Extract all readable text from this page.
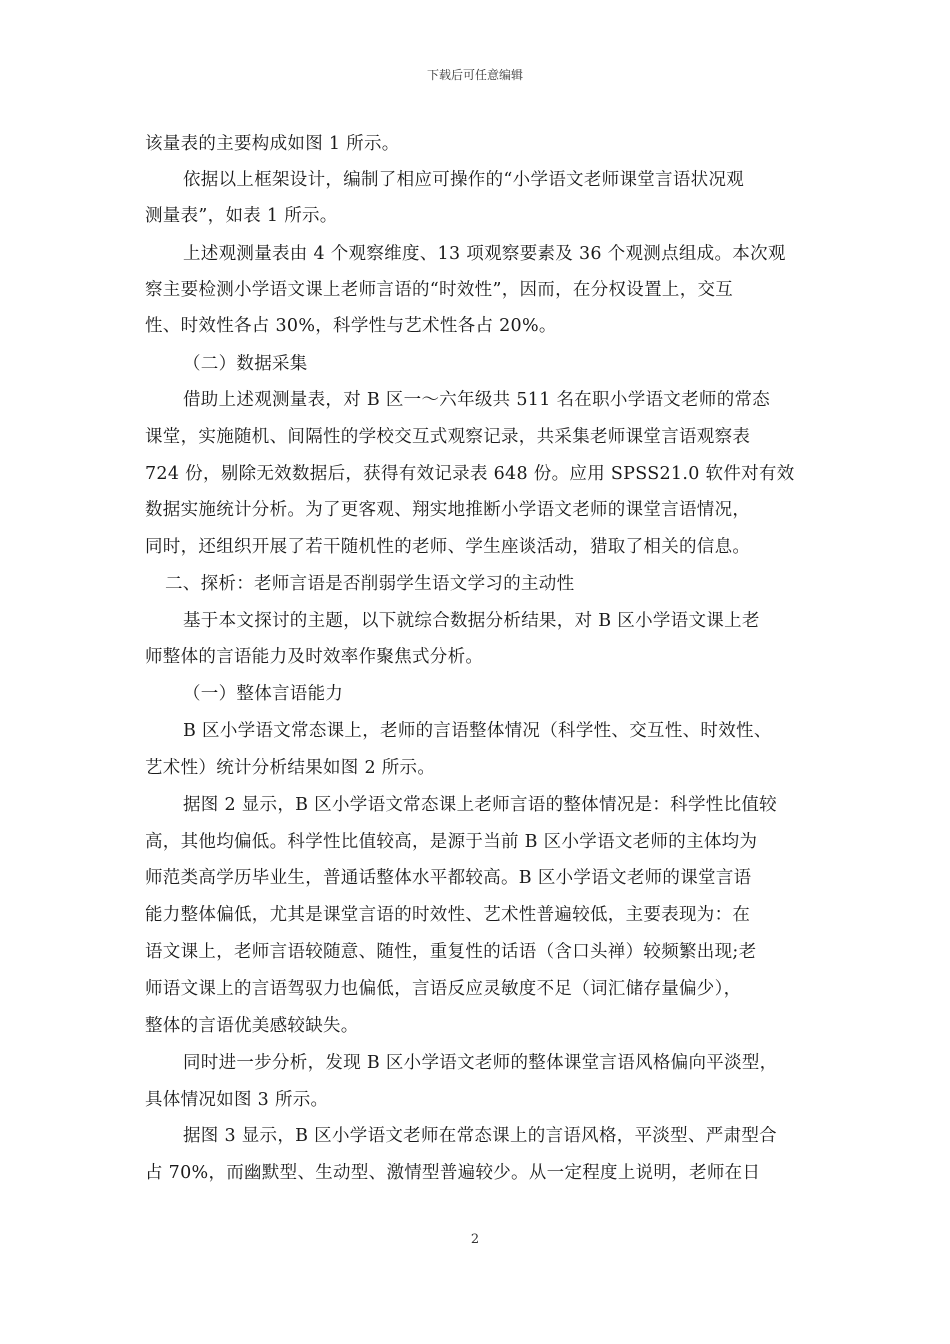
下载后可任意编辑
该量表的主要构成如图 1 所示。
依据以上框架设计，编制了相应可操作的“小学语文老师课堂言语状况观
测量表”，如表 1 所示。
上述观测量表由 4 个观察维度、13 项观察要素及 36 个观测点组成。本次观
察主要检测小学语文课上老师言语的“时效性”，因而，在分权设置上，交互
性、时效性各占 30%，科学性与艺术性各占 20%。
（二）数据采集
借助上述观测量表，对 B 区一～六年级共 511 名在职小学语文老师的常态
课堂，实施随机、间隔性的学校交互式观察记录，共采集老师课堂言语观察表
724 份，剔除无效数据后，获得有效记录表 648 份。应用 SPSS21.0 软件对有效
数据实施统计分析。为了更客观、翔实地推断小学语文老师的课堂言语情况，
同时，还组织开展了若干随机性的老师、学生座谈活动，猎取了相关的信息。
二、探析：老师言语是否削弱学生语文学习的主动性
基于本文探讨的主题，以下就综合数据分析结果，对 B 区小学语文课上老
师整体的言语能力及时效率作聚焦式分析。
（一）整体言语能力
B 区小学语文常态课上，老师的言语整体情况（科学性、交互性、时效性、
艺术性）统计分析结果如图 2 所示。
据图 2 显示，B 区小学语文常态课上老师言语的整体情况是：科学性比值较
高，其他均偏低。科学性比值较高，是源于当前 B 区小学语文老师的主体均为
师范类高学历毕业生，普通话整体水平都较高。B 区小学语文老师的课堂言语
能力整体偏低，尤其是课堂言语的时效性、艺术性普遍较低，主要表现为：在
语文课上，老师言语较随意、随性，重复性的话语（含口头禅）较频繁出现;老
师语文课上的言语驾驭力也偏低，言语反应灵敏度不足（词汇储存量偏少），
整体的言语优美感较缺失。
同时进一步分析，发现 B 区小学语文老师的整体课堂言语风格偏向平淡型，
具体情况如图 3 所示。
据图 3 显示，B 区小学语文老师在常态课上的言语风格，平淡型、严肃型合
占 70%，而幽默型、生动型、激情型普遍较少。从一定程度上说明，老师在日
2
